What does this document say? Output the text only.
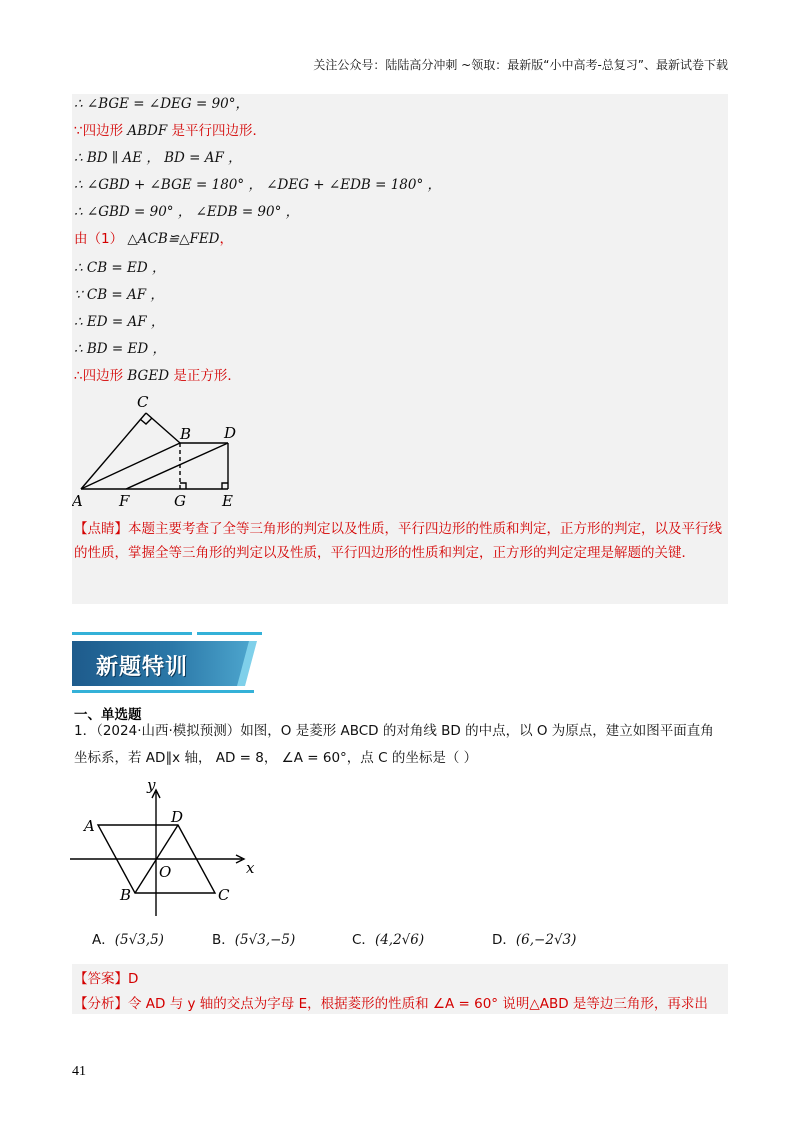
关注公众号：陆陆高分冲刺 ~领取：最新版“小中高考-总复习”、最新试卷下载
∴ ∠BGE = ∠DEG = 90°，
∵四边形 ABDF 是平行四边形．
∴ BD ∥ AE ， BD = AF ，
∴ ∠GBD + ∠BGE = 180° ， ∠DEG + ∠EDB = 180° ，
∴ ∠GBD = 90° ， ∠EDB = 90° ，
由（1） △ACB≌△FED，
∴ CB = ED ，
∵ CB = AF ，
∴ ED = AF ，
∴ BD = ED ，
∴四边形 BGED 是正方形．
C
B D
A F	G E
【点睛】本题主要考查了全等三角形的判定以及性质，平行四边形的性质和判定，正方形的判定，以及平行线的性质，掌握全等三角形的判定以及性质，平行四边形的性质和判定，正方形的判定定理是解题的关键．
新题特训
一、单选题
1．（2024·山西·模拟预测）如图，O 是菱形 ABCD 的对角线 BD 的中点，以 O 为原点，建立如图平面直角
坐标系，若 AD∥x 轴， AD = 8， ∠A = 60°，点 C 的坐标是（ ）
y
x
A	D
O
B	C
A．(5√3,5)	B．(5√3,−5)	C．(4,2√6)	D．(6,−2√3)
【答案】D
【分析】令 AD 与 y 轴的交点为字母 E，根据菱形的性质和 ∠A = 60° 说明△ABD 是等边三角形，再求出
41
